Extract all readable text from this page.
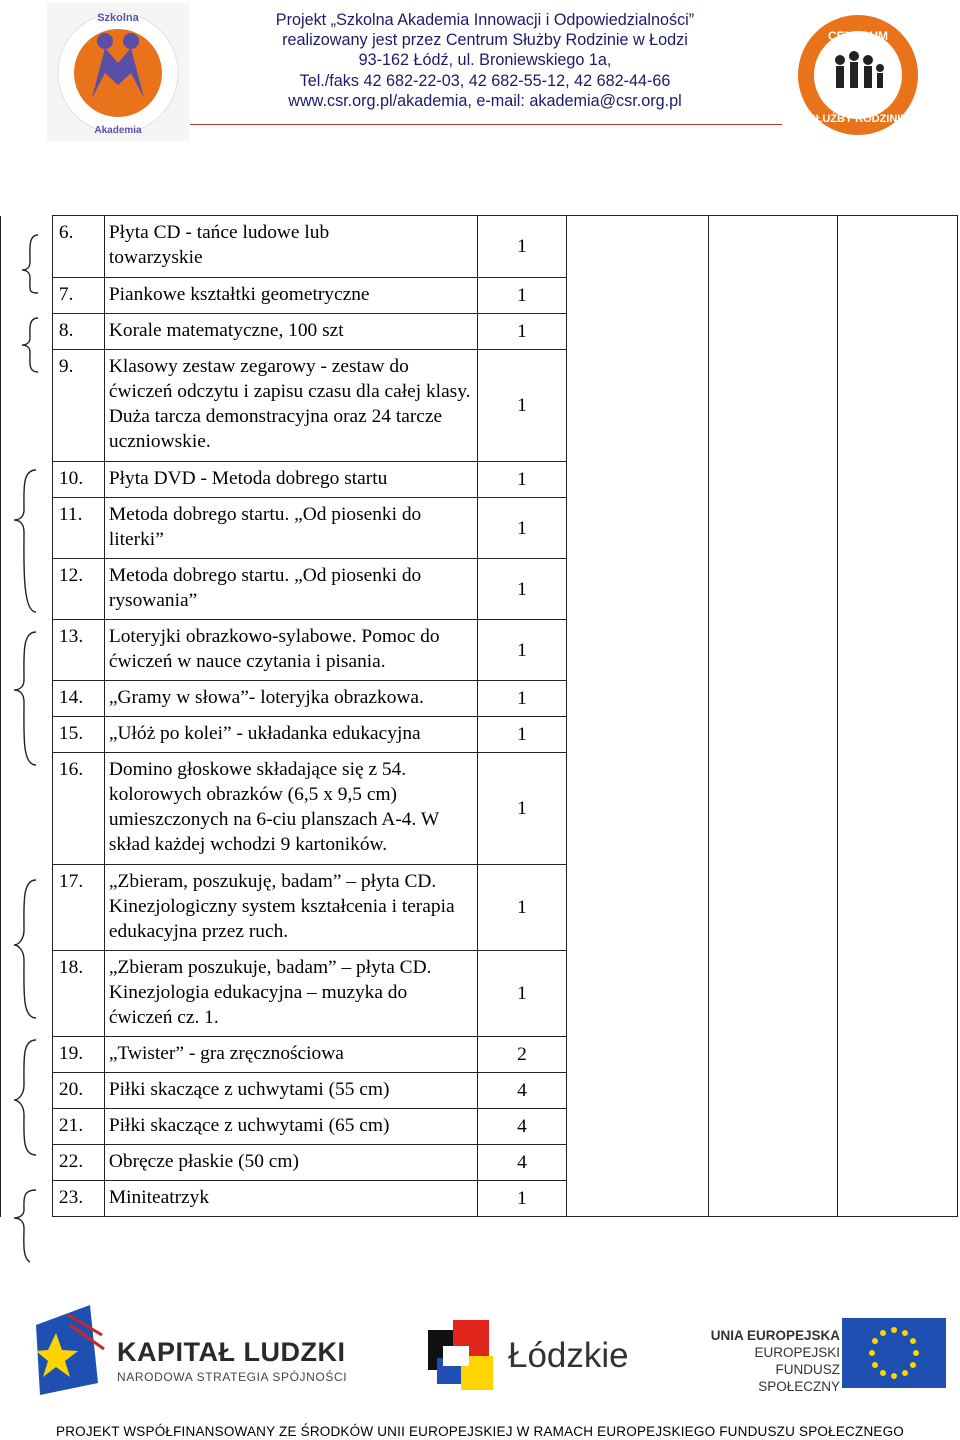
Szkolna
Akademia
Projekt „Szkolna Akademia Innowacji i Odpowiedzialności”
realizowany jest przez Centrum Służby Rodzinie w Łodzi
93-162 Łódź, ul. Broniewskiego 1a,
Tel./faks 42 682-22-03, 42 682-55-12, 42 682-44-66
www.csr.org.pl/akademia, e-mail: akademia@csr.org.pl
CENTRUM
SŁUŻBY RODZINIE
	6.	Płyta CD - tańce ludowe lub
towarzyskie	1			
	7.	Piankowe kształtki geometryczne	1			
	8.	Korale matematyczne, 100 szt	1			
	9.	Klasowy zestaw zegarowy - zestaw do ćwiczeń odczytu i zapisu czasu dla całej klasy. Duża tarcza demonstracyjna oraz 24 tarcze uczniowskie.	1			
	10.	Płyta DVD - Metoda dobrego startu	1			
	11.	Metoda dobrego startu. „Od piosenki do literki”	1			
	12.	Metoda dobrego startu. „Od piosenki do rysowania”	1			
	13.	Loteryjki obrazkowo-sylabowe. Pomoc do ćwiczeń w nauce czytania i pisania.	1			
	14.	„Gramy w słowa”- loteryjka obrazkowa.	1			
	15.	„Ułóż po kolei” - układanka edukacyjna	1			
	16.	Domino głoskowe składające się z 54. kolorowych obrazków (6,5 x 9,5 cm) umieszczonych na 6-ciu planszach A-4. W skład każdej wchodzi 9 kartoników.	1			
	17.	„Zbieram, poszukuję, badam” – płyta CD. Kinezjologiczny system kształcenia i terapia edukacyjna przez ruch.	1			
	18.	„Zbieram poszukuje, badam” – płyta CD. Kinezjologia edukacyjna – muzyka do ćwiczeń cz. 1.	1			
	19.	„Twister” - gra zręcznościowa	2			
	20.	Piłki skaczące z uchwytami (55 cm)	4			
	21.	Piłki skaczące z uchwytami (65 cm)	4			
	22.	Obręcze płaskie (50 cm)	4			
	23.	Miniteatrzyk	1			
KAPITAŁ LUDZKI
NARODOWA STRATEGIA SPÓJNOŚCI
Łódzkie
UNIA EUROPEJSKA
EUROPEJSKI
FUNDUSZ SPOŁECZNY
PROJEKT WSPÓŁFINANSOWANY ZE ŚRODKÓW UNII EUROPEJSKIEJ W RAMACH EUROPEJSKIEGO FUNDUSZU SPOŁECZNEGO
